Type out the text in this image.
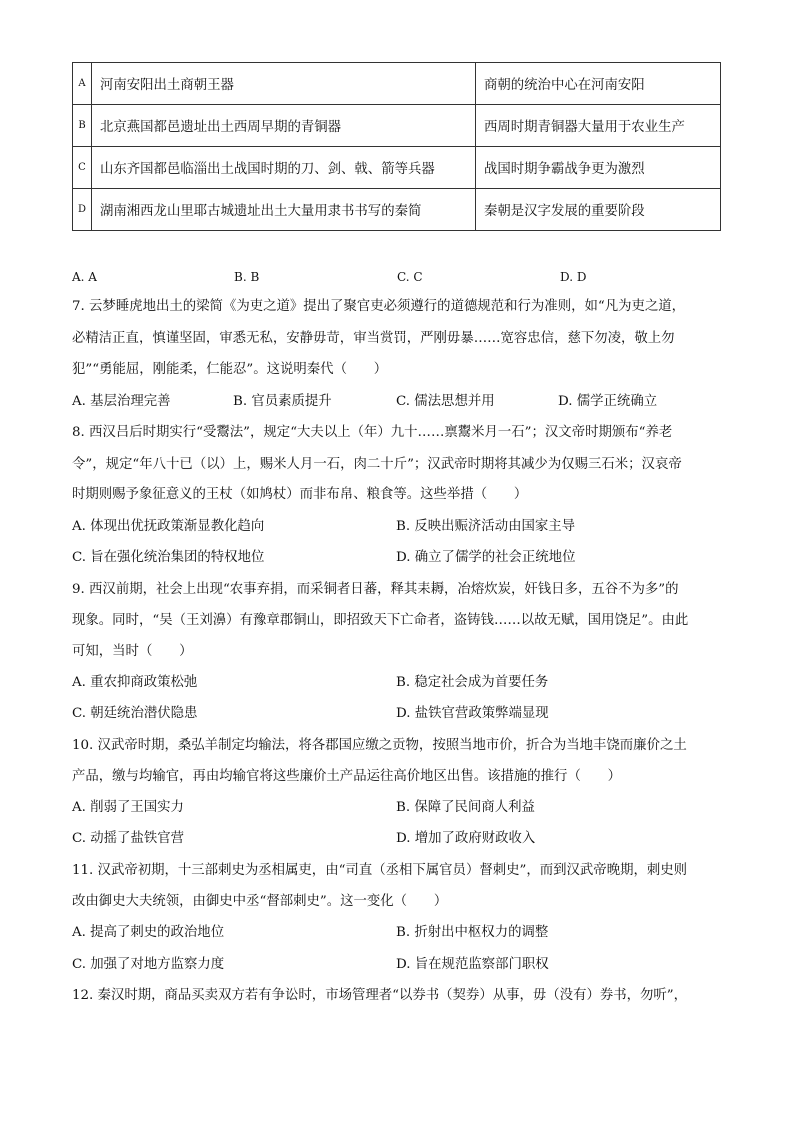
A	河南安阳出土商朝王器	商朝的统治中心在河南安阳
B	北京燕国都邑遗址出土西周早期的青铜器	西周时期青铜器大量用于农业生产
C	山东齐国都邑临淄出土战国时期的刀、剑、戟、箭等兵器	战国时期争霸战争更为激烈
D	湖南湘西龙山里耶古城遗址出土大量用隶书书写的秦简	秦朝是汉字发展的重要阶段
A. A	B. B	C. C	D. D
7. 云梦睡虎地出土的梁简《为吏之道》提出了聚官吏必须遵行的道德规范和行为准则，如“凡为吏之道，
必精洁正直，慎谨坚固，审悉无私，安静毋苛，审当赏罚，严刚毋暴……宽容忠信，慈下勿凌，敬上勿
犯”“勇能屈，刚能柔，仁能忍”。这说明秦代（　　）
A. 基层治理完善	B. 官员素质提升	C. 儒法思想并用	D. 儒学正统确立
8. 西汉吕后时期实行“受鬻法”，规定“大夫以上（年）九十……禀鬻米月一石”；汉文帝时期颁布“养老
令”，规定“年八十已（以）上，赐米人月一石，肉二十斤”；汉武帝时期将其减少为仅赐三石米；汉哀帝
时期则赐予象征意义的王杖（如鸠杖）而非布帛、粮食等。这些举措（　　）
A. 体现出优抚政策渐显教化趋向	B. 反映出赈济活动由国家主导
C. 旨在强化统治集团的特权地位	D. 确立了儒学的社会正统地位
9. 西汉前期，社会上出现“农事弃捐，而采铜者日蕃，释其耒耨，冶熔炊炭，奸钱日多，五谷不为多”的
现象。同时，“吴（王刘濞）有豫章郡铜山，即招致天下亡命者，盗铸钱……以故无赋，国用饶足”。由此
可知，当时（　　）
A. 重农抑商政策松弛	B. 稳定社会成为首要任务
C. 朝廷统治潜伏隐患	D. 盐铁官营政策弊端显现
10. 汉武帝时期，桑弘羊制定均输法，将各郡国应缴之贡物，按照当地市价，折合为当地丰饶而廉价之土
产品，缴与均输官，再由均输官将这些廉价土产品运往高价地区出售。该措施的推行（　　）
A. 削弱了王国实力	B. 保障了民间商人利益
C. 动摇了盐铁官营	D. 增加了政府财政收入
11. 汉武帝初期，十三部刺史为丞相属吏，由“司直（丞相下属官员）督刺史”，而到汉武帝晚期，刺史则
改由御史大夫统领，由御史中丞“督部刺史”。这一变化（　　）
A. 提高了刺史的政治地位	B. 折射出中枢权力的调整
C. 加强了对地方监察力度	D. 旨在规范监察部门职权
12. 秦汉时期，商品买卖双方若有争讼时，市场管理者“以券书（契券）从事，毋（没有）券书，勿听”，
